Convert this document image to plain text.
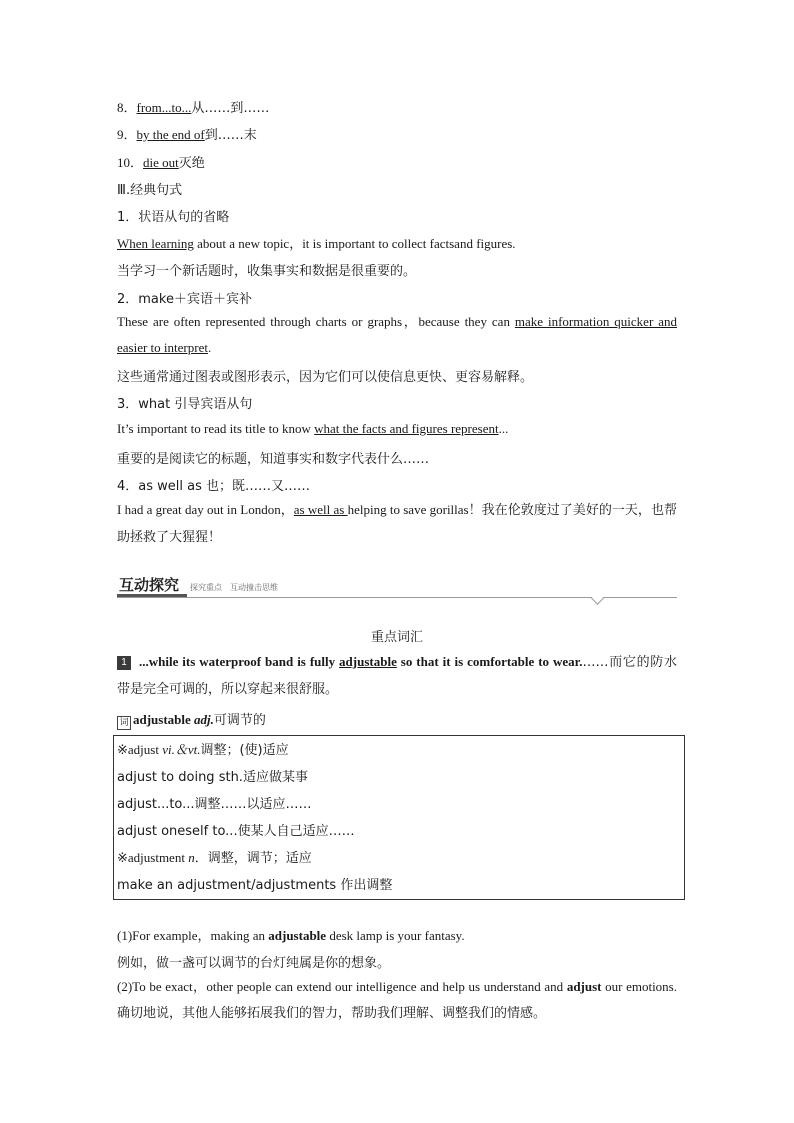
8．from...to...从……到……
9．by the end of到……末
10．die out灭绝
Ⅲ.经典句式
1．状语从句的省略
When learning about a new topic，it is important to collect factsand figures.
当学习一个新话题时，收集事实和数据是很重要的。
2．make＋宾语＋宾补
These are often represented through charts or graphs，because they can make information quicker and easier to interpret.
这些通常通过图表或图形表示，因为它们可以使信息更快、更容易解释。
3．what 引导宾语从句
It’s important to read its title to know what the facts and figures represent...
重要的是阅读它的标题，知道事实和数字代表什么……
4．as well as 也；既……又……
I had a great day out in London，as well as helping to save gorillas！我在伦敦度过了美好的一天，也帮助拯救了大猩猩！
互动探究 探究重点　互动撞击思维
重点词汇
1 ...while its waterproof band is fully adjustable so that it is comfortable to wear.……而它的防水带是完全可调的，所以穿起来很舒服。
词 adjustable adj.可调节的
※adjust vi.＆vt.调整；(使)适应
adjust to doing sth.适应做某事
adjust...to...调整……以适应……
adjust oneself to...使某人自己适应……
※adjustment n．调整，调节；适应
make an adjustment/adjustments 作出调整
(1)For example，making an adjustable desk lamp is your fantasy.
例如，做一盏可以调节的台灯纯属是你的想象。
(2)To be exact，other people can extend our intelligence and help us understand and adjust our emotions.确切地说，其他人能够拓展我们的智力，帮助我们理解、调整我们的情感。
